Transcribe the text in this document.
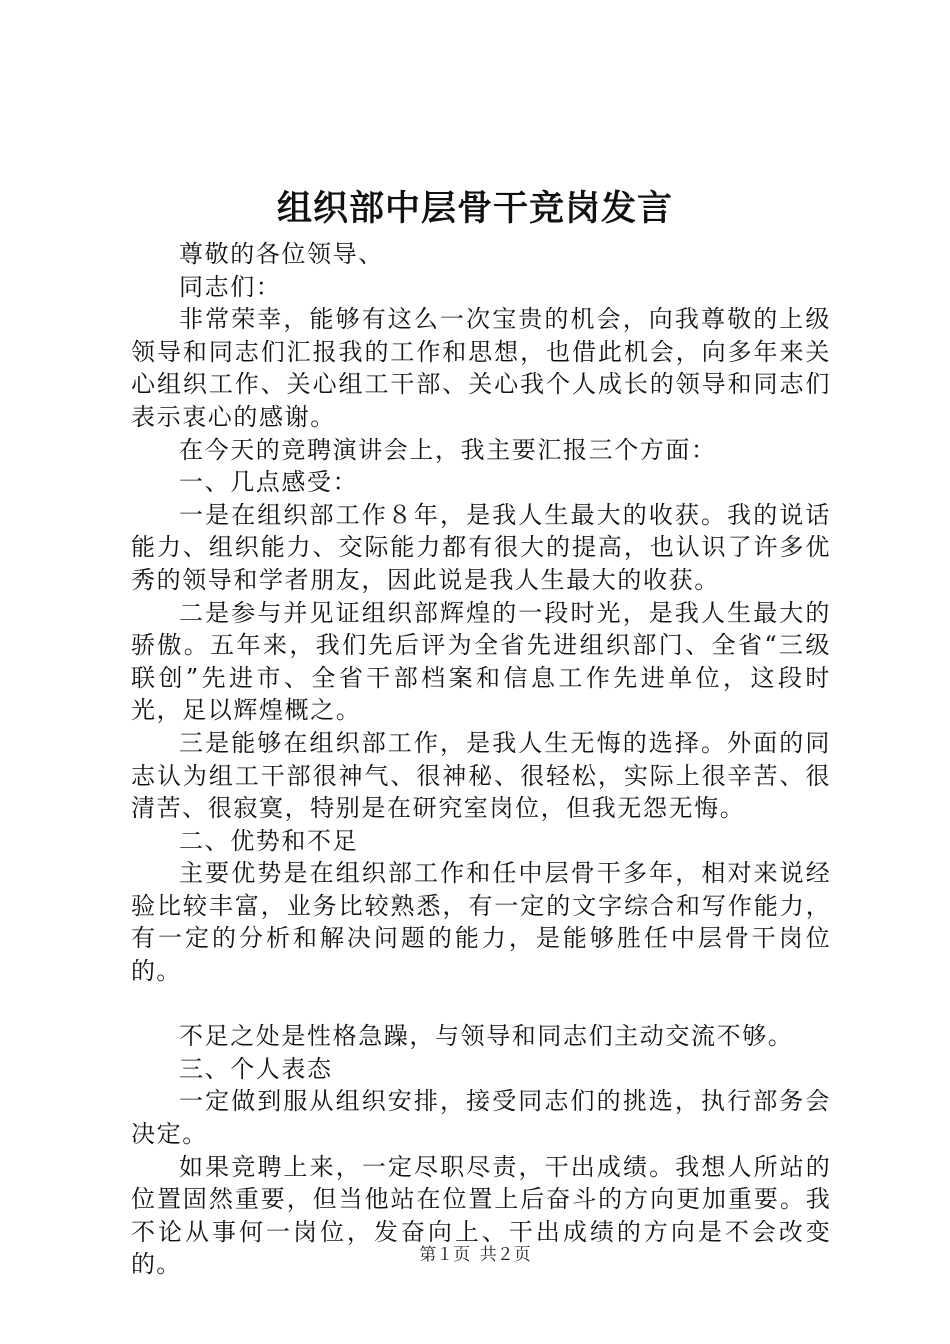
组织部中层骨干竞岗发言

尊敬的各位领导、

同志们：

非常荣幸，能够有这么一次宝贵的机会，向我尊敬的上级领导和同志们汇报我的工作和思想，也借此机会，向多年来关心组织工作、关心组工干部、关心我个人成长的领导和同志们表示衷心的感谢。

在今天的竞聘演讲会上，我主要汇报三个方面：

一、几点感受：

一是在组织部工作８年，是我人生最大的收获。我的说话能力、组织能力、交际能力都有很大的提高，也认识了许多优秀的领导和学者朋友，因此说是我人生最大的收获。

二是参与并见证组织部辉煌的一段时光，是我人生最大的骄傲。五年来，我们先后评为全省先进组织部门、全省“三级联创”先进市、全省干部档案和信息工作先进单位，这段时光，足以辉煌概之。

三是能够在组织部工作，是我人生无悔的选择。外面的同志认为组工干部很神气、很神秘、很轻松，实际上很辛苦、很清苦、很寂寞，特别是在研究室岗位，但我无怨无悔。

二、优势和不足

主要优势是在组织部工作和任中层骨干多年，相对来说经验比较丰富，业务比较熟悉，有一定的文字综合和写作能力，有一定的分析和解决问题的能力，是能够胜任中层骨干岗位的。

不足之处是性格急躁，与领导和同志们主动交流不够。

三、个人表态

一定做到服从组织安排，接受同志们的挑选，执行部务会决定。

如果竞聘上来，一定尽职尽责，干出成绩。我想人所站的位置固然重要，但当他站在位置上后奋斗的方向更加重要。我不论从事何一岗位，发奋向上、干出成绩的方向是不会改变的。	第１页 共２页
